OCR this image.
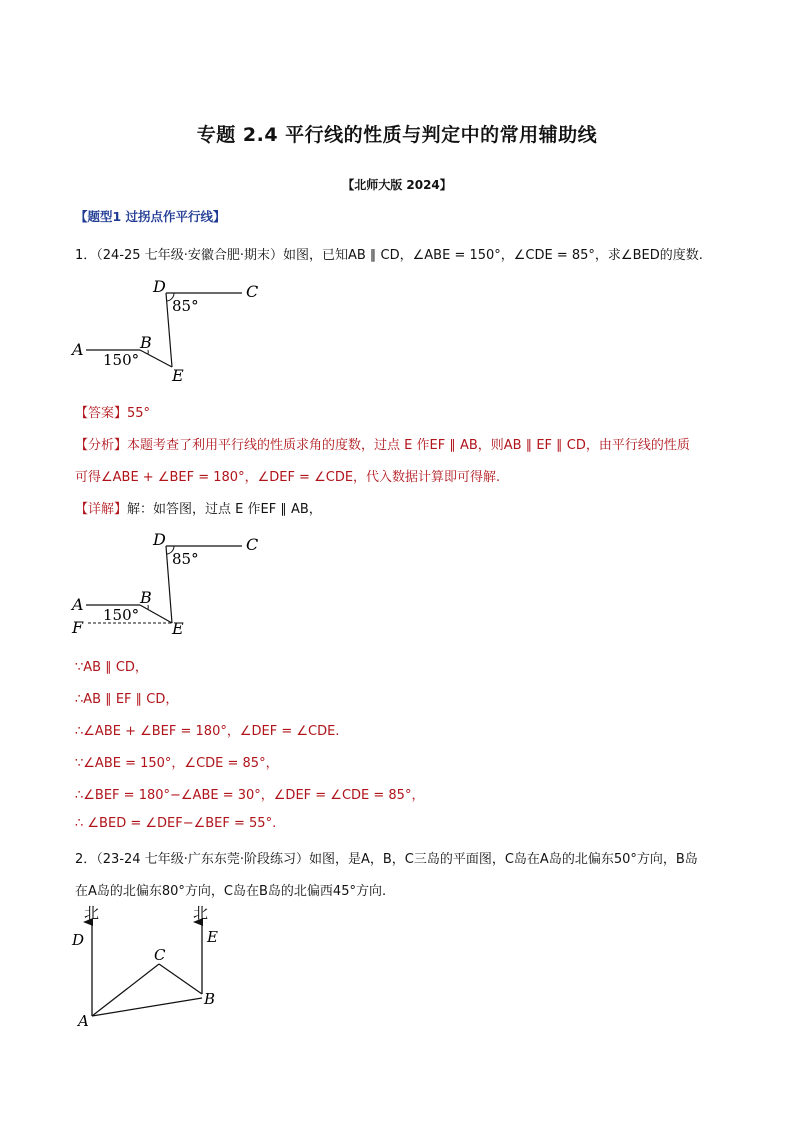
专题 2.4 平行线的性质与判定中的常用辅助线
【北师大版 2024】
【题型1 过拐点作平行线】
1．（24-25 七年级·安徽合肥·期末）如图，已知AB ∥ CD，∠ABE = 150°，∠CDE = 85°，求∠BED的度数.
D	C
A	B
E
85°
150°
【答案】55°
【分析】本题考查了利用平行线的性质求角的度数，过点 E 作EF ∥ AB，则AB ∥ EF ∥ CD，由平行线的性质
可得∠ABE + ∠BEF = 180°，∠DEF = ∠CDE，代入数据计算即可得解.
【详解】解：如答图，过点 E 作EF ∥ AB，
D	C
A	B
F	E
85°
150°
∵AB ∥ CD，
∴AB ∥ EF ∥ CD，
∴∠ABE + ∠BEF = 180°，∠DEF = ∠CDE.
∵∠ABE = 150°，∠CDE = 85°，
∴∠BEF = 180°−∠ABE = 30°，∠DEF = ∠CDE = 85°，
∴ ∠BED = ∠DEF−∠BEF = 55°.
2．（23-24 七年级·广东东莞·阶段练习）如图，是A，B，C三岛的平面图，C岛在A岛的北偏东50°方向，B岛
在A岛的北偏东80°方向，C岛在B岛的北偏西45°方向.
北	北
D	E
C
A
B
